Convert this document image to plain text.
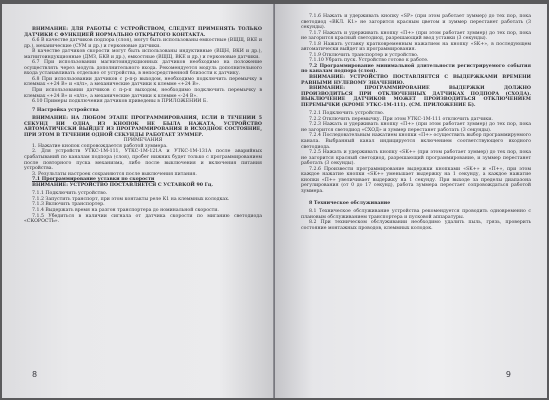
ВНИМАНИЕ: ДЛЯ РАБОТЫ С УСТРОЙСТВОМ, СЛЕДУЕТ ПРИМЕНЯТЬ ТОЛЬКО ДАТЧИКИ С ФУНКЦИЕЙ НОРМАЛЬНО ОТКРЫТОГО КОНТАКТА.

6.6 В качестве датчиков подпора (слоя), могут быть использованы емкостные (ВЩЩ, ВКЕ и др.), механические (СУМ и др.) и герконовые датчики.

В качестве датчиков скорости могут быть использованы индуктивные (ВЩН, ВКИ и др.), магнитоиндукционные (ДМЗ, БКВ и др.), емкостные (ВЩЩ, ВКЕ и др.) и герконовые датчики.

6.7 При использовании магнитоиндукционных датчиков необходимо на положение осуществлять через модуль дополнительного входа. Рекомендуется модуль дополнительного входа устанавливать отдельно от устройства, в непосредственной близости к датчику.

6.8 При использовании датчиков с р-п-р выходом, необходимо подключить перемычку в клеммах «+24 В» и «п/п», а механические датчики к клемме «+24 В».

При использовании датчиков с п-р-п выходом, необходимо подключить перемычку в клеммах «+24 В» и «п/п», а механические датчики к клемме «-24 В».

6.10 Примеры подключения датчиков приведены в ПРИЛОЖЕНИИ Б.

7 Настройка устройства

ВНИМАНИЕ: НА ЛЮБОМ ЭТАПЕ ПРОГРАММИРОВАНИЯ, ЕСЛИ В ТЕЧЕНИИ 5 СЕКУНД НИ ОДНА ИЗ КНОПОК НЕ БЫЛА НАЖАТА, УСТРОЙСТВО АВТОМАТИЧЕСКИ ВЫЙДЕТ ИЗ ПРОГРАММИРОВАНИЯ В ИСХОДНОЕ СОСТОЯНИЕ, ПРИ ЭТОМ В ТЕЧЕНИИ ОДНОЙ СЕКУНДЫ РАБОТАЕТ ЗУММЕР.

ПРИМЕЧАНИЯ

1. Нажатие кнопок сопровождается работой зуммера.

2. Для устройств УТКС-1М-111, УТКС-1М-121А и УТКС-1М-131А после аварийных срабатываний по каналам подпора (слоя), пробег нижних будет только с программированием после повторного пуска механизма, либо после выключения и включения питания устройства.

3. Результаты настроек сохраняются после выключения питания.

7.1 Программирование уставки по скорости

ВНИМАНИЕ: УСТРОЙСТВО ПОСТАВЛЯЕТСЯ С УСТАВКОЙ 90 Гц.

7.1.1 Подключить устройство.

7.1.2 Запустить транспорт, при этом контакты реле К1 на клеммных колодках.

7.1.3 Включить транспортер.

7.1.4 Выдержать время на разгон транспортера до номинальной скорости.

7.1.5 Убедиться в наличии сигнала от датчика скорости по миганию светодиода «СКОРОСТЬ».

8

7.1.6 Нажать и удерживать кнопку «SP» (при этом работает зуммер) до тех пор, пока светодиод «ВКЛ. К1» не загорится красным цветом и зуммер перестанет работать (3 секунды).

7.1.7 Нажать и удерживать кнопку «П+» (при этом работает зуммер) до тех пор, пока не загорится красный светодиод, разрешающий ввод уставки (3 секунды).

7.1.8 Нажать уставку кратковременным нажатием на кнопку «SK+», в последующем автоматически выйдет из программирования.

7.1.9 Отключить транспортер и устройство.

7.1.10 Убрать пуск. Устройство готово к работе.

7.2 Программирование минимальной длительности регистрируемого события по каналам подпора (слоя).

ВНИМАНИЕ: УСТРОЙСТВО ПОСТАВЛЯЕТСЯ С ВЫДЕРЖКАМИ ВРЕМЕНИ РАВНЫМИ НУЛЕВОМУ ЗНАЧЕНИЮ.

ВНИМАНИЕ: ПРОГРАММИРОВАНИЕ ВЫДЕРЖКИ ДОЛЖНО ПРОИЗВОДИТЬСЯ ПРИ ОТКЛЮЧЕННЫХ ДАТЧИКАХ ПОДПОРА (СХОДА). ВЫКЛЮЧЕНИЕ ДАТЧИКОВ МОЖЕТ ПРОИЗВОДИТЬСЯ ОТКЛЮЧЕНИЕМ ПЕРЕМЫЧКИ (КРОМЕ УТКС-1М-111). (СМ. ПРИЛОЖЕНИЕ Б).

7.2.1 Подключить устройство.

7.2.2 Отключить перемычку. При этом УТКС-1М-111 отключить датчики.

7.2.3 Нажать и удерживать кнопку «П+» (при этом работает зуммер) до тех пор, пока не загорится светодиод «СХОД» и зуммер перестанет работать (3 секунды).

7.2.4 Последовательным нажатием кнопки «П+» осуществить выбор программируемого канала. Выбранный канал индицируется включением соответствующего входного светодиода.

7.2.5 Нажать и удерживать кнопку «SK+» (при этом работает зуммер) до тех пор, пока не загорится красный светодиод, разрешающий программирование, и зуммер перестанет работать (3 секунды).

7.2.6 Произвести программирование выдержки кнопками «SK+» и «П+», при этом каждое нажатие кнопки «SK+» уменьшает выдержку на 1 секунду, а каждое нажатие кнопки «П+» увеличивает выдержку на 1 секунду. При выходе за пределы диапазона регулирования (от 0 до 17 секунд), работа зуммера перестает сопровождаться работой зуммера.

8 Техническое обслуживание

8.1 Техническое обслуживание устройства рекомендуется проводить одновременно с плановым обслуживанием транспортера и пусковой аппаратуры.

8.2 При техническом обслуживании необходимо удалить пыль, грязь, проверить состояние монтажных проводов, клеммных колодок.

9
